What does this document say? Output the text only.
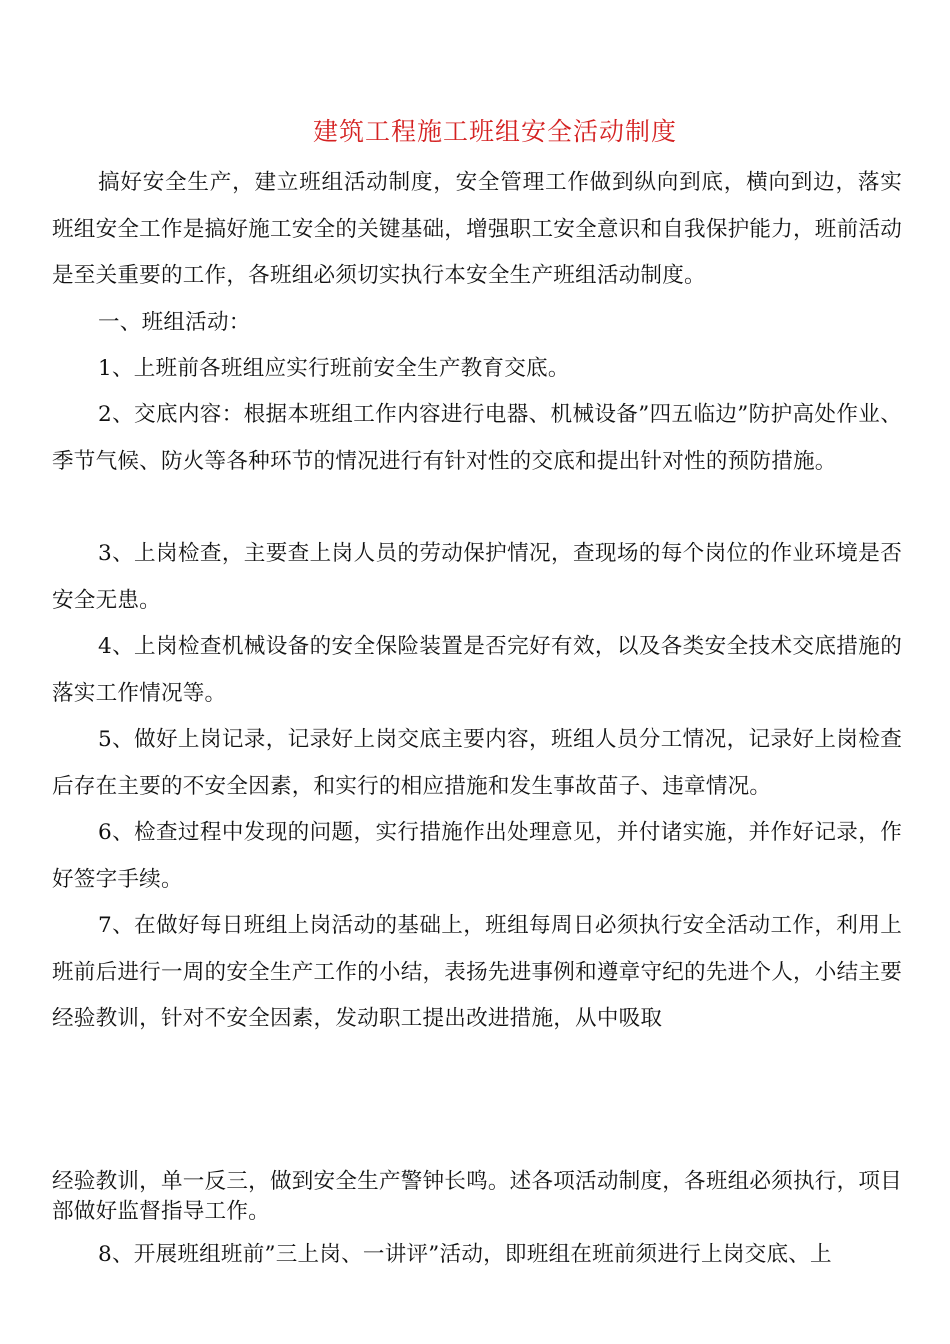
建筑工程施工班组安全活动制度

搞好安全生产，建立班组活动制度，安全管理工作做到纵向到底，横向到边，落实班组安全工作是搞好施工安全的关键基础，增强职工安全意识和自我保护能力，班前活动是至关重要的工作，各班组必须切实执行本安全生产班组活动制度。

一、班组活动：

1、上班前各班组应实行班前安全生产教育交底。

2、交底内容：根据本班组工作内容进行电器、机械设备”四五临边”防护高处作业、季节气候、防火等各种环节的情况进行有针对性的交底和提出针对性的预防措施。

3、上岗检查，主要查上岗人员的劳动保护情况，查现场的每个岗位的作业环境是否安全无患。

4、上岗检查机械设备的安全保险装置是否完好有效，以及各类安全技术交底措施的落实工作情况等。

5、做好上岗记录，记录好上岗交底主要内容，班组人员分工情况，记录好上岗检查后存在主要的不安全因素，和实行的相应措施和发生事故苗子、违章情况。

6、检查过程中发现的问题，实行措施作出处理意见，并付诸实施，并作好记录，作好签字手续。

7、在做好每日班组上岗活动的基础上，班组每周日必须执行安全活动工作，利用上班前后进行一周的安全生产工作的小结，表扬先进事例和遵章守纪的先进个人，小结主要经验教训，针对不安全因素，发动职工提出改进措施，从中吸取

经验教训，单一反三，做到安全生产警钟长鸣。述各项活动制度，各班组必须执行，项目部做好监督指导工作。

8、开展班组班前”三上岗、一讲评”活动，即班组在班前须进行上岗交底、上
